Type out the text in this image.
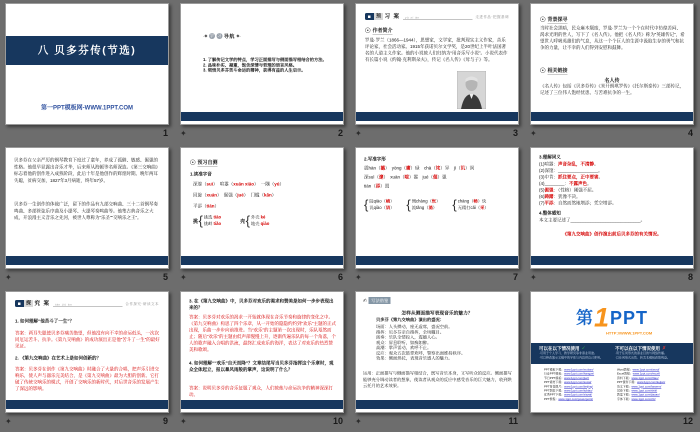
八 贝多芬传(节选)
第一PPT模板网-WWW.1PPT.COM
1
-◆ 学 习 导航 ◆-
1. 了解传记文学的特点，学习正面描写与侧面描写相结合的方法。
2. 品味朴实、凝重，饱含深情与哲理的语言风格。
3. 领悟贝多芬苦斗命运的精神，获得有益的人生启示。
✦	2
预 习 案 yù xí àn	走进作品·把握基调
作者简介
罗曼·罗兰（1866—1944），思想家，文学家，批判现实主义作家，音乐评论家，社会活动家。1915年获诺贝尔文学奖，是20世纪上半叶法国著名的人道主义作家。他的小说被人们归纳为“用音乐写小说”。小说代表作有长篇小说《约翰·克利斯朵夫》，传记《名人传》《母与子》等。
✦	3
背景探寻
当时社会黑暗，民众麻木颓废，罗曼·罗兰为一个个在时代中彷徨苦闷、渴求光明的世人，写下了《名人传》。他把《名人传》称为“英雄传记”，希望世人呼吸英雄们的气息，从这一个个巨人的生涯中汲取生存的勇气和抗争的力量，让不幸的人们得到安慰和鼓舞。
相关链接
名人传
《名人传》包括《贝多芬传》《米开朗琪罗传》《托尔斯泰传》三部传记，记述了三位伟人饱经忧患、与苦难抗争的一生。
✦	4
贝多芬在父亲严厉的钢琴教育下度过了童年，养成了孤僻、敏感、倔强的性格。他很早显露出音乐才华，后来师从海顿等名师深造。《第三交响曲》标志着他的创作进入成熟阶段，此后十年是他创作的辉煌时期。晚年两耳失聪，贫病交加，1827年3月病逝，终年57岁。
贝多芬一生创作的体裁广泛，留下的作品有九部交响曲、三十二首钢琴奏鸣曲、多部管弦乐序曲及小提琴、大提琴奏鸣曲等。他集古典音乐之大成，开浪漫主义音乐之先河，被世人尊称为“乐圣”“交响乐之王”。
✦	5
预习自测
1.读准字音
深邃（suì）　喧嚣（xuān xiāo）　一隅（yú）
回旋（xuán）　倔强（jué）　门槛（kǎn）
平添（tiān）
挑 { 挑选 tiāo
挑衅 tiǎo 壳 { 外壳 ké
地壳 qiào
✦	6
2.写准字形
震hàn（撼）　yōng（庸）碌　chà（诧）异　jī（讥）讽
深suì（邃）　xuān（喧）嚣　jué（倔）强
tiān（添）置
{ 陡qiào（峭）
讥qiào（诮） { 惆chàng（怅）
流tǎng（淌） { chàng（畅）快
无精打cǎi（采）
✦	7
3.理解词义
(1)喧嚣：声音杂乱，不清静。
(2)深邃：________________。
(3)中肯：抓住要点，正中要害。
(4)________：不露声色。
(5)倔强：（性格）刚强不屈。
(6)踌躇：犹豫不决。
(7)平添：自然而然地增添；凭空增添。
4.整体感知
本文主要记述了____________________________。
《第九交响曲》创作演出前后贝多芬的有关情况。
✦	8
探 究 案 tàn jiū àn	合作探究·研读文本
1. 如何理解“他苦斗了一生”？
答案：两耳失聪使贝多芬痛苦绝望，但他没有向不幸的命运低头，一次次同厄运苦斗、抗争。《第九交响曲》的成功演出正是他“苦斗了一生”的最好见证。
2. 《第九交响曲》在艺术上是如何创新的？
答案：贝多芬在创作《第九交响曲》时融合了大量的合唱，把声乐引进交响乐，使人声与器乐完美结合，是《第九交响曲》最为大胆的创新。它打破了传统交响乐的模式，开创了交响乐的新时代，对后世音乐的发展产生了深远的影响。
✦	9
3. 在《第九交响曲》中，贝多芬对欢乐的渴求和赞美是如何一步步表现出来的？
答案：贝多芬对欢乐的渴求一开始就体现在音乐节奏和旋律的变化之中。《第九交响曲》构思了四个乐章，从一开始的隐隐约约到“欢乐”主题的正式出现，乐曲一步步向前推进。当“欢乐”的主题第一次出现时，乐队戛然而止；随后“欢乐”的主题由低声部慢慢上升，逐渐传遍乐队的每一个角落，个人的歌声融入合唱的洪流，最终汇成欢乐的海洋，表达了对欢乐的热烈赞美和歌颂。
4. 如何理解““欢乐”自天而降”？文章结尾写当贝多芬指挥这个乐章时，观众全体起立，报以暴风雨般的掌声，这说明了什么？
答案：说明贝多芬的音乐征服了观众，人们被他与命运抗争的精神深深打动。
✦	10
✍ 写法借鉴
怎样从侧面描写表现音乐的魅力？
贝多芬《第九交响曲》演出的盛况：
场面：人头攒动，座无虚席，盛况空前。
指挥：贝多芬亲自指挥，全场瞩目。
演奏：乐队全情投入，震撼人心。
观众：屏息聆听，如痴如醉。
高潮：掌声雷动，欢呼不止。
反应：观众五次鼓掌欢呼，警察出面维持秩序。
效果：侧面烘托，表现音乐感人的魅力。
运用：正面描写与侧面描写相结合，既写音乐本身，又写听众的反应。侧面描写能够充分调动读者的想象，使读者从观众的反应中感受音乐的巨大魅力，收到烘云托月的艺术效果。
✦	11
第 1 PPT
HTTP://WWW.1PPT.COM
可以在以下情况使用 ✓
·可用于个人学习、教学研究等非商业用途。
·可以修改演示文稿中的字体与内容供自己使用。
不可以在以下情况使用 ✗
·用于任何形式的商业目的与网络传播。
·以任何形式出售、转卖本模板获取利益。
PPT模板下载：www.1ppt.com/moban/
行业PPT模板：www.1ppt.com/hangye/
节日PPT模板：www.1ppt.com/jieri/
PPT素材下载：www.1ppt.com/sucai/
PPT背景图片：www.1ppt.com/beijing/
PPT图表下载：www.1ppt.com/tubiao/
优秀PPT下载：www.1ppt.com/xiazai/
PPT教程：www.1ppt.com/powerpoint/
Word教程：www.1ppt.com/word/
Excel教程：www.1ppt.com/excel/
资料下载：www.1ppt.com/ziliao/
PPT课件下载：www.1ppt.com/kejian/
范文下载：www.1ppt.com/fanwen/
试卷下载：www.1ppt.com/shiti/
教案下载：www.1ppt.com/jiaoan/
字体下载：www.1ppt.com/ziti/
12
